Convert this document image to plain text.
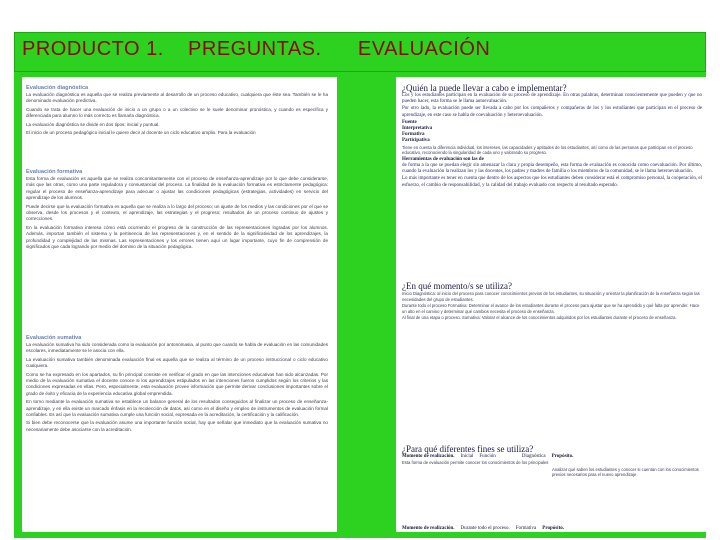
PRODUCTO 1.    PREGUNTAS.      EVALUACIÓN

Evaluación diagnóstica

La evaluación diagnóstica es aquella que se realiza previamente al desarrollo de un proceso educativo, cualquiera que éste sea. También se le ha denominado evaluación predictiva.

Cuando se trata de hacer una evaluación de inicio a un grupo o a un colectivo se le suele denominar pronóstica, y cuando es específica y diferenciada para alumno lo más correcto es llamarla diagnóstica.

La evaluación diagnóstica se divide en dos tipos: inicial y puntual.

El inicio de un proceso pedagógico inicial le quiere decir al docente un ciclo educativo amplio. Para la evaluación

Evaluación formativa

Esta forma de evaluación es aquella que se realiza concomitantemente con el proceso de enseñanza-aprendizaje por lo que debe considerarse, más que las otras, como una parte reguladora y consustancial del proceso. La finalidad de la evaluación formativa es estrictamente pedagógica: regular el proceso de enseñanza-aprendizaje para adecuar o ajustar las condiciones pedagógicas (estrategias, actividades) en servicio del aprendizaje de los alumnos.

Puede decirse que la evaluación formativa es aquella que se realiza a lo largo del proceso; un ajuste de los medios y las condiciones por el que se observa, desde los procesos y el contexto, el aprendizaje, las estrategias y el progreso; resultados de un proceso continuo de ajustes y correcciones.

En la evaluación formativa interesa cómo está ocurriendo el progreso de la construcción de las representaciones logradas por los alumnos. Además, importan también el sistema y la pertinencia de las representaciones y, en el sentido de la significatividad de los aprendizajes, la profundidad y complejidad de las mismas. Las representaciones y los errores tienen aquí un lugar importante, cuyo fin de comprensión de significados que cada logrando por medio del dominio de la situación pedagógica.

Evaluación sumativa

La evaluación sumativa ha sido considerada como la evaluación por antonomasia, al punto que cuando se habla de evaluación en las comunidades escolares, inmediatamente se le asocia con ella.

La evaluación sumativa también denominada evaluación final es aquella que se realiza al término de un proceso instruccional o ciclo educativo cualquiera.

Como se ha expresado en los apartados, su fin principal consiste en verificar el grado en que las intenciones educativas han sido alcanzadas. Por medio de la evaluación sumativa el docente conoce si los aprendizajes estipulados en las intenciones fueron cumplidos según los criterios y las condiciones expresadas en ellas. Pero, especialmente, esta evaluación provee información que permite derivar conclusiones importantes sobre el grado de éxito y eficacia de la experiencia educativa global emprendida.

En torno mediante la evaluación sumativa se establece un balance general de los resultados conseguidos al finalizar un proceso de enseñanza-aprendizaje, y en ella existe un marcado énfasis en la recolección de datos, así como en el diseño y empleo de instrumentos de evaluación formal confiables. Es así que la evaluación sumativa cumple una función social, expresada en la acreditación, la certificación y la calificación.

Si bien debe reconocerse que la evaluación asume una importante función social, hay que señalar que inmediato que la evaluación sumativa no necesariamente debe asociarse con la acreditación.

¿Quién la puede llevar a cabo e implementar?

Los y los estudiantes participan en la evaluación de su proceso de aprendizaje. En otras palabras, determinan conscientemente que pueden y que no pueden hacer, esta forma se le llama autoevaluación.

Por otro lado, la evaluación puede ser llevada a cabo por los compañeros y compañeras de los y los estudiantes que participan en el proceso de aprendizaje, en este caso se habla de coevaluación y heteroevaluación.

Fuente

Interpretativa

Formativa

Participativa

Tiene en cuenta la diferencia individual, los intereses, las capacidades y aptitudes de los estudiantes, así como de las personas que participan en el proceso educativo, reconociendo la singularidad de cada uno y valorando su progreso.

Herramientas de evaluación son las de

de forma a la que se puedan elegir sin amenazar la clara y propia desempeño, esta forma de evaluación es conocida como coevaluación. Por último, cuando la evaluación la realizan los y las docentes, los padres y madres de familia o los miembros de la comunidad, se le llama heteroevaluación.

Lo más importante es tener en cuenta que dentro de los aspectos que los estudiantes deben considerar está el compromiso personal, la cooperación, el esfuerzo, el cambio de responsabilidad, y la calidad del trabajo evaluado con respecto al resultado esperado.

¿En qué momento/s se utiliza?

Inicio Diagnóstica: al inicio del proceso para conocer conocimientos previos de los estudiantes, su situación y orientar la planificación de la enseñanza según las necesidades del grupo de estudiantes.

Durante todo el proceso Formativa: Determinar el avance de los estudiantes durante el proceso para ajustar que se ha aprendido y qué falta por aprender. Hace un alto en el camino y determinar qué cambios necesita el proceso de enseñanza.

Al final de una etapa o proceso. Sumativa: Valorar el alcance de los conocimientos adquiridos por los estudiantes durante el proceso de enseñanza.

¿Para qué diferentes fines se utiliza?

Momento de realización. Inicial Función	Diagnóstica Propósito.

Esta forma de evaluación permite conocer los conocimientos de los principales

Analizar qué saben los estudiantes y conocer si cuentan con los conocimientos previos necesarios para el nuevo aprendizaje

Momento de realización. Durante todo el proceso. Formativa Propósito.
